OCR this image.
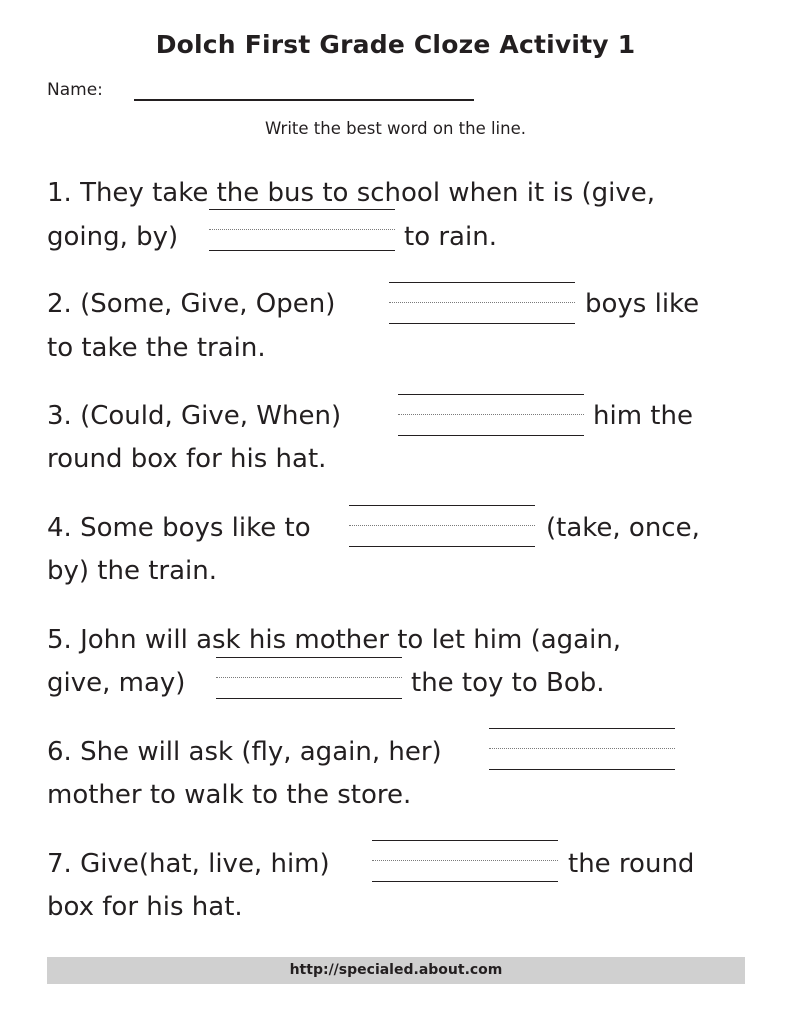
Dolch First Grade Cloze Activity 1
Name:
Write the best word on the line.
1. They take the bus to school when it is (give,
going, by)	to rain.
2. (Some, Give, Open)	boys like
to take the train.
3. (Could, Give, When)	him the
round box for his hat.
4. Some boys like to	(take, once,
by) the train.
5. John will ask his mother to let him (again,
give, may)	the toy to Bob.
6. She will ask (fly, again, her)
mother to walk to the store.
7. Give(hat, live, him)	the round
box for his hat.
http://specialed.about.com
